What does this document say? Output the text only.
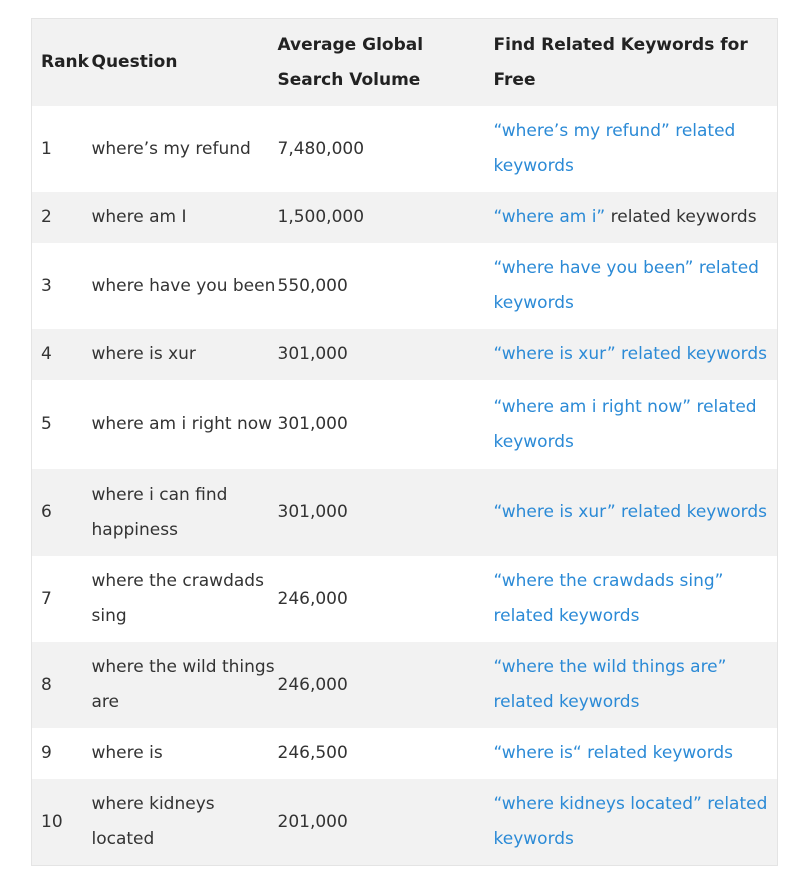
Rank	Question	Average Global Search Volume	Find Related Keywords for Free
1	where’s my refund	7,480,000	“where’s my refund” related keywords
2	where am I	1,500,000	“where am i” related keywords
3	where have you been	550,000	“where have you been” related keywords
4	where is xur	301,000	“where is xur” related keywords
5	where am i right now	301,000	“where am i right now” related keywords
6	where i can find happiness	301,000	“where is xur” related keywords
7	where the crawdads sing	246,000	“where the crawdads sing” related keywords
8	where the wild things are	246,000	“where the wild things are” related keywords
9	where is	246,500	“where is“ related keywords
10	where kidneys located	201,000	“where kidneys located” related keywords
